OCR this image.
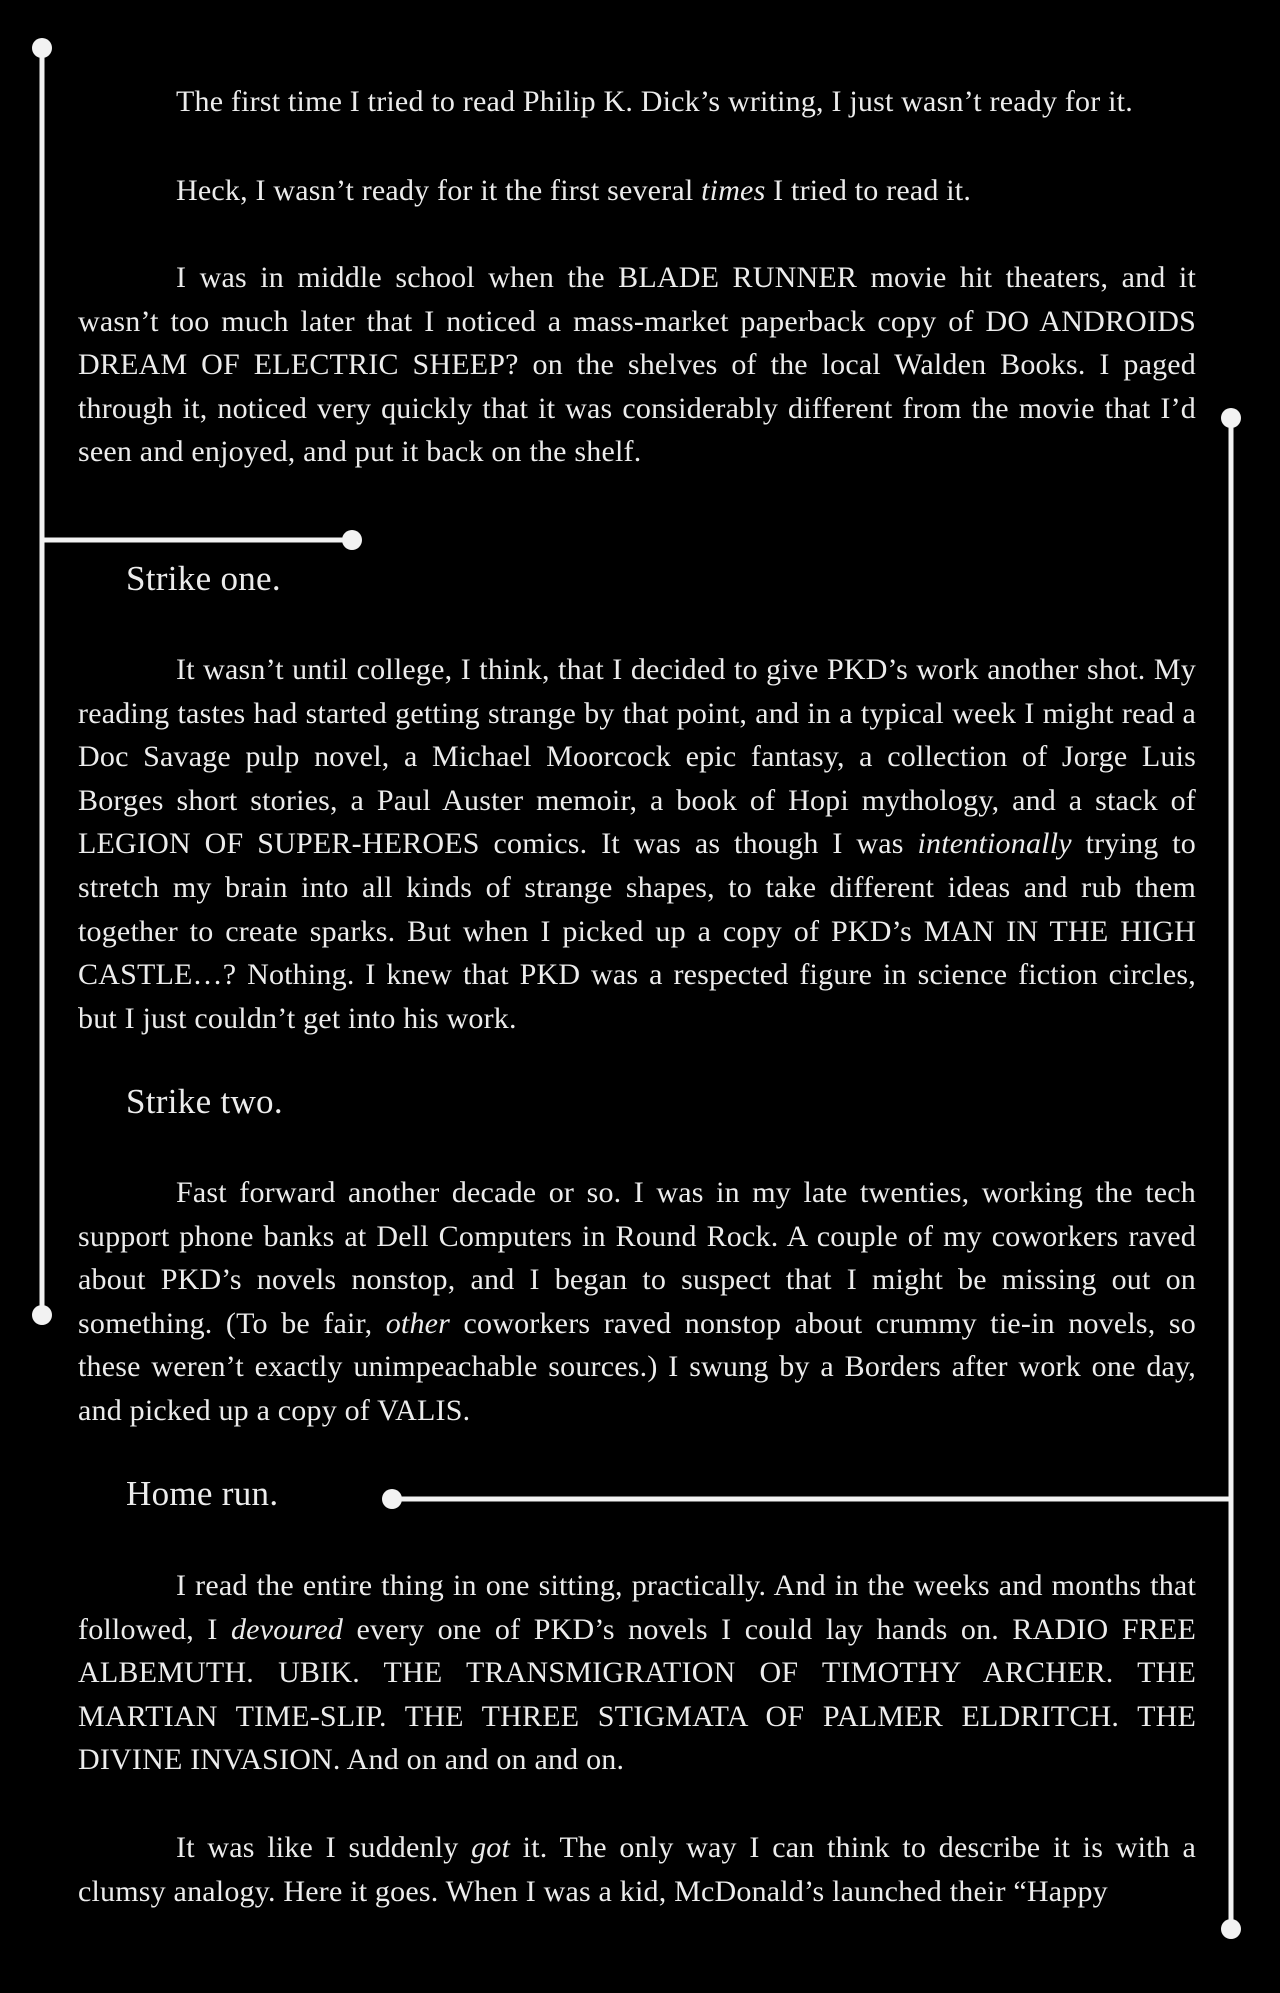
The first time I tried to read Philip K. Dick’s writing, I just wasn’t ready for it.

Heck, I wasn’t ready for it the first several times I tried to read it.

I was in middle school when the BLADE RUNNER movie hit theaters, and it wasn’t too much later that I noticed a mass-market paperback copy of DO ANDROIDS DREAM OF ELECTRIC SHEEP? on the shelves of the local Walden Books. I paged through it, noticed very quickly that it was considerably different from the movie that I’d seen and enjoyed, and put it back on the shelf.

Strike one.

It wasn’t until college, I think, that I decided to give PKD’s work another shot. My reading tastes had started getting strange by that point, and in a typical week I might read a Doc Savage pulp novel, a Michael Moorcock epic fantasy, a collection of Jorge Luis Borges short stories, a Paul Auster memoir, a book of Hopi mythology, and a stack of LEGION OF SUPER-HEROES comics. It was as though I was intentionally trying to stretch my brain into all kinds of strange shapes, to take different ideas and rub them together to create sparks. But when I picked up a copy of PKD’s MAN IN THE HIGH CASTLE…? Nothing. I knew that PKD was a respected figure in science fiction circles, but I just couldn’t get into his work.

Strike two.

Fast forward another decade or so. I was in my late twenties, working the tech support phone banks at Dell Computers in Round Rock. A couple of my coworkers raved about PKD’s novels nonstop, and I began to suspect that I might be missing out on something. (To be fair, other coworkers raved nonstop about crummy tie-in novels, so these weren’t exactly unimpeachable sources.) I swung by a Borders after work one day, and picked up a copy of VALIS.

Home run.

I read the entire thing in one sitting, practically. And in the weeks and months that followed, I devoured every one of PKD’s novels I could lay hands on. RADIO FREE ALBEMUTH. UBIK. THE TRANSMIGRATION OF TIMOTHY ARCHER. THE MARTIAN TIME-SLIP. THE THREE STIGMATA OF PALMER ELDRITCH. THE DIVINE INVASION. And on and on and on.

It was like I suddenly got it. The only way I can think to describe it is with a clumsy analogy. Here it goes. When I was a kid, McDonald’s launched their “Happy
